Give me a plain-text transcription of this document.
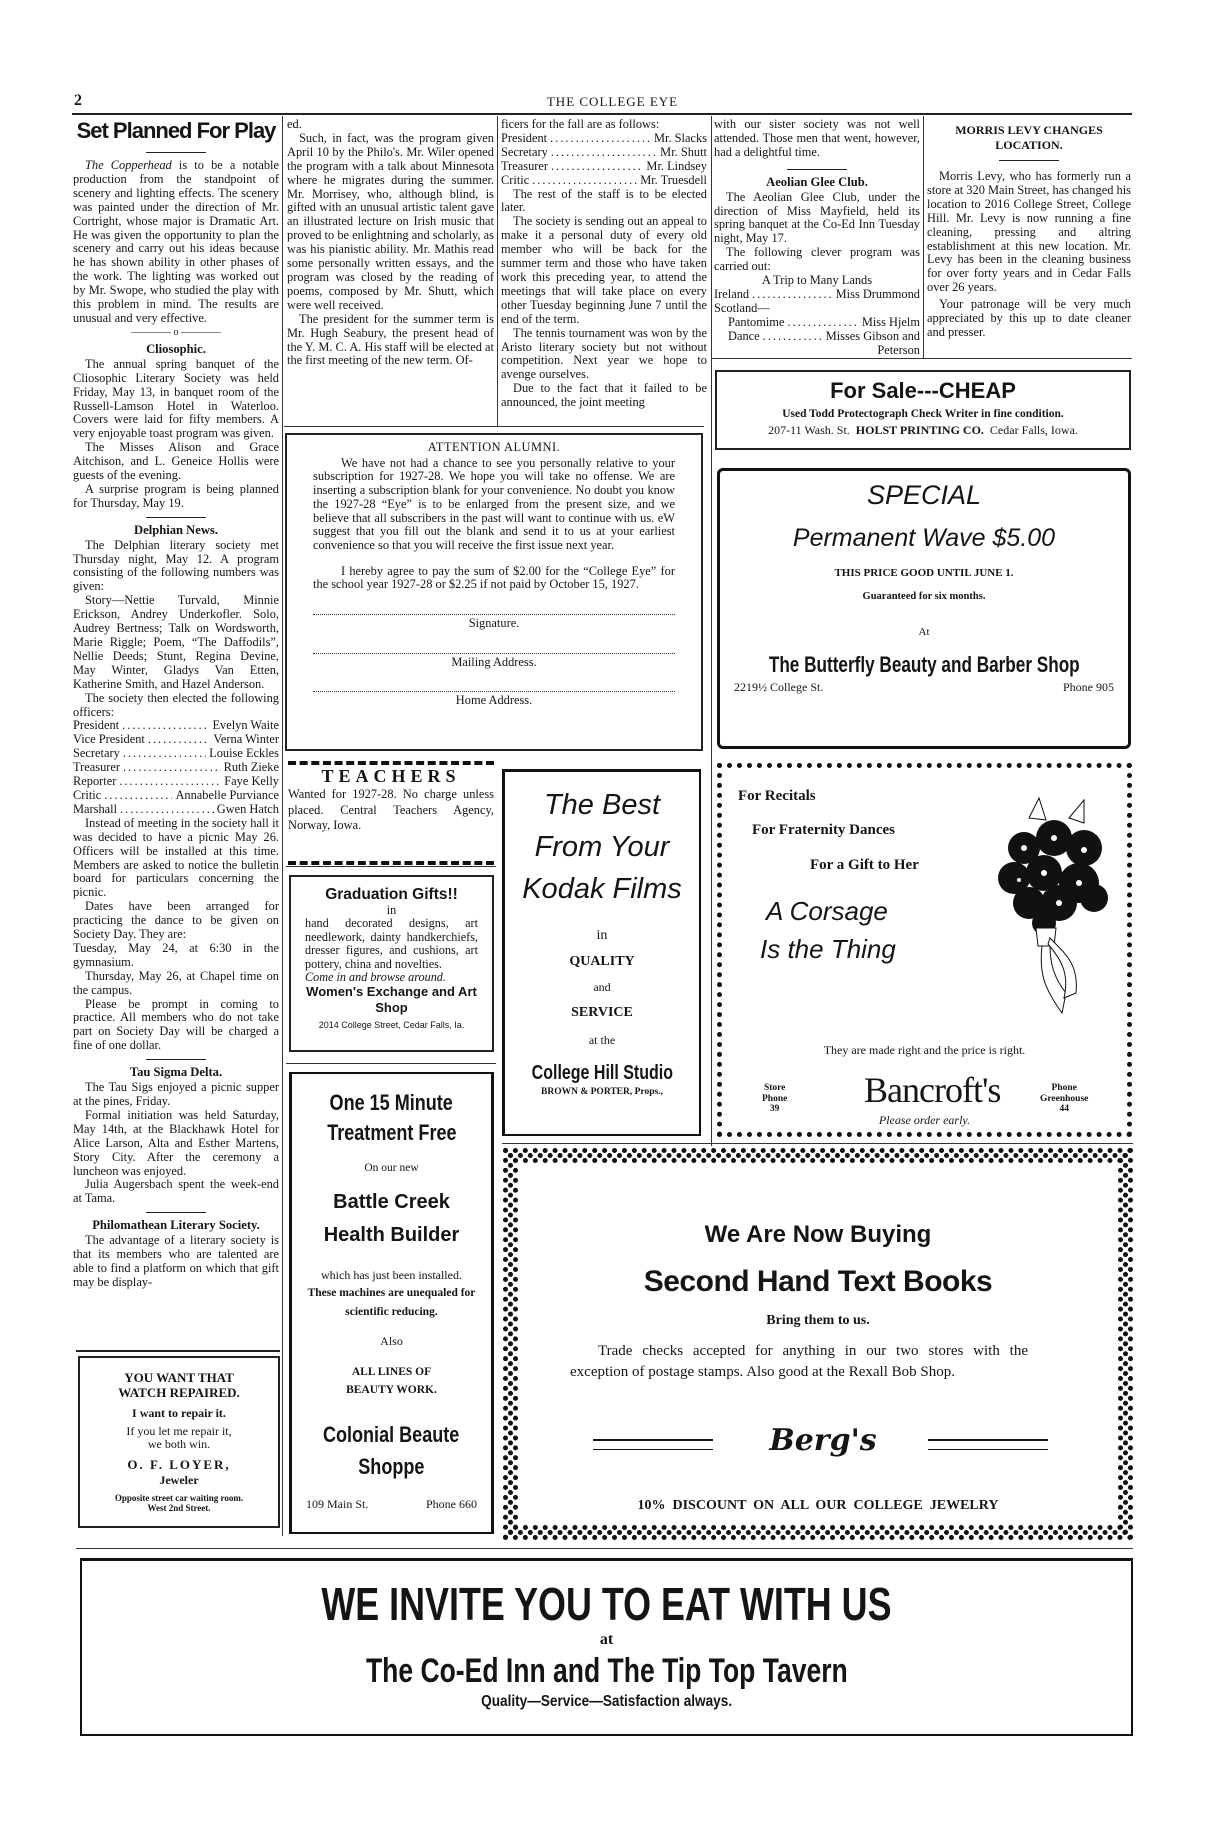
2	THE COLLEGE EYE
Set Planned For Play

The Copperhead is to be a notable production from the standpoint of scenery and lighting effects. The scenery was painted under the direction of Mr. Cortright, whose major is Dramatic Art. He was given the opportunity to plan the scenery and carry out his ideas because he has shown ability in other phases of the work. The lighting was worked out by Mr. Swope, who studied the play with this problem in mind. The results are unusual and very effective.

———— o ————
Cliosophic.

The annual spring banquet of the Cliosophic Literary Society was held Friday, May 13, in banquet room of the Russell-Lamson Hotel in Waterloo. Covers were laid for fifty members. A very enjoyable toast program was given.

The Misses Alison and Grace Aitchison, and L. Geneice Hollis were guests of the evening.

A surprise program is being planned for Thursday, May 19.

Delphian News.

The Delphian literary society met Thursday night, May 12. A program consisting of the following numbers was given:

Story—Nettie Turvald, Minnie Erickson, Andrey Underkofler. Solo, Audrey Bertness; Talk on Wordsworth, Marie Riggle; Poem, “The Daffodils”, Nellie Deeds; Stunt, Regina Devine, May Winter, Gladys Van Etten, Katherine Smith, and Hazel Anderson.

The society then elected the following officers:

President .....	Evelyn Waite
Vice President .....	Verna Winter
Secretary .....	Louise Eckles
Treasurer .....	Ruth Zieke
Reporter .....	Faye Kelly
Critic .....	Annabelle Purviance
Marshall .....	Gwen Hatch

Instead of meeting in the society hall it was decided to have a picnic May 26. Officers will be installed at this time. Members are asked to notice the bulletin board for particulars concerning the picnic.

Dates have been arranged for practicing the dance to be given on Society Day. They are:

Tuesday, May 24, at 6:30 in the gymnasium.

Thursday, May 26, at Chapel time on the campus.

Please be prompt in coming to practice. All members who do not take part on Society Day will be charged a fine of one dollar.

Tau Sigma Delta.

The Tau Sigs enjoyed a picnic supper at the pines, Friday.

Formal initiation was held Saturday, May 14th, at the Blackhawk Hotel for Alice Larson, Alta and Esther Martens, Story City. After the ceremony a luncheon was enjoyed.

Julia Augersbach spent the week-end at Tama.

Philomathean Literary Society.

The advantage of a literary society is that its members who are talented are able to find a platform on which that gift may be display-

YOU WANT THAT
WATCH REPAIRED.
I want to repair it.
If you let me repair it,
we both win.
O. F. LOYER,
Jeweler
Opposite street car waiting room.
West 2nd Street.

ed.

Such, in fact, was the program given April 10 by the Philo's. Mr. Wiler opened the program with a talk about Minnesota where he migrates during the summer. Mr. Morrisey, who, although blind, is gifted with an unusual artistic talent gave an illustrated lecture on Irish music that proved to be enlightning and scholarly, as was his pianistic ability. Mr. Mathis read some personally written essays, and the program was closed by the reading of poems, composed by Mr. Shutt, which were well received.

The president for the summer term is Mr. Hugh Seabury, the present head of the Y. M. C. A. His staff will be elected at the first meeting of the new term. Of-

ficers for the fall are as follows:

President .....	Mr. Slacks
Secretary .....	Mr. Shutt
Treasurer .....	Mr. Lindsey
Critic .....	Mr. Truesdell

The rest of the staff is to be elected later.

The society is sending out an appeal to make it a personal duty of every old member who will be back for the summer term and those who have taken work this preceding year, to attend the meetings that will take place on every other Tuesday beginning June 7 until the end of the term.

The tennis tournament was won by the Aristo literary society but not without competition. Next year we hope to avenge ourselves.

Due to the fact that it failed to be announced, the joint meeting

with our sister society was not well attended. Those men that went, however, had a delightful time.

Aeolian Glee Club.

The Aeolian Glee Club, under the direction of Miss Mayfield, held its spring banquet at the Co-Ed Inn Tuesday night, May 17.

The following clever program was carried out:

A Trip to Many Lands
Ireland .....	Miss Drummond
Scotland—
Pantomime .....	Miss Hjelm
Dance .....	Misses Gibson and
Peterson
MORRIS LEVY CHANGES LOCATION.

Morris Levy, who has formerly run a store at 320 Main Street, has changed his location to 2016 College Street, College Hill. Mr. Levy is now running a fine cleaning, pressing and altring establishment at this new location. Mr. Levy has been in the cleaning business for over forty years and in Cedar Falls over 26 years.

Your patronage will be very much appreciated by this up to date cleaner and presser.

For Sale---CHEAP
Used Todd Protectograph Check Writer in fine condition.
207-11 Wash. St. HOLST PRINTING CO. Cedar Falls, Iowa.
ATTENTION ALUMNI.

We have not had a chance to see you personally relative to your subscription for 1927-28. We hope you will take no offense. We are inserting a subscription blank for your convenience. No doubt you know the 1927-28 “Eye” is to be enlarged from the present size, and we believe that all subscribers in the past will want to continue with us. eW suggest that you fill out the blank and send it to us at your earliest convenience so that you will receive the first issue next year.

I hereby agree to pay the sum of $2.00 for the “College Eye” for the school year 1927-28 or $2.25 if not paid by October 15, 1927.

Signature.
Mailing Address.
Home Address.
SPECIAL
Permanent Wave $5.00
THIS PRICE GOOD UNTIL JUNE 1.
Guaranteed for six months.
At
The Butterfly Beauty and Barber Shop
2219½ College St.	Phone 905
TEACHERS
Wanted for 1927-28. No charge unless placed. Central Teachers Agency, Norway, Iowa.
Graduation Gifts!!
in
hand decorated designs, art needlework, dainty handkerchiefs, dresser figures, and cushions, art pottery, china and novelties.
Come in and browse around.
Women's Exchange and Art Shop
2014 College Street, Cedar Falls, Ia.
One 15 Minute
Treatment Free
On our new
Battle Creek
Health Builder
which has just been installed.
These machines are unequaled for scientific reducing.
Also
ALL LINES OF
BEAUTY WORK.
Colonial Beaute
Shoppe
109 Main St.	Phone 660
The Best
From Your
Kodak Films
in
QUALITY
and
SERVICE
at the
College Hill Studio
BROWN & PORTER, Props.,
For Recitals
For Fraternity Dances
For a Gift to Her
A Corsage
Is the Thing
They are made right and the price is right.
Store
Phone
39 Bancroft's	Phone
Greenhouse
44
Please order early.
We Are Now Buying
Second Hand Text Books
Bring them to us.
Trade checks accepted for anything in our two stores with the exception of postage stamps. Also good at the Rexall Bob Shop.
Berg's
10%  DISCOUNT  ON  ALL  OUR  COLLEGE  JEWELRY
WE INVITE YOU TO EAT WITH US
at
The Co-Ed Inn and The Tip Top Tavern
Quality—Service—Satisfaction always.
